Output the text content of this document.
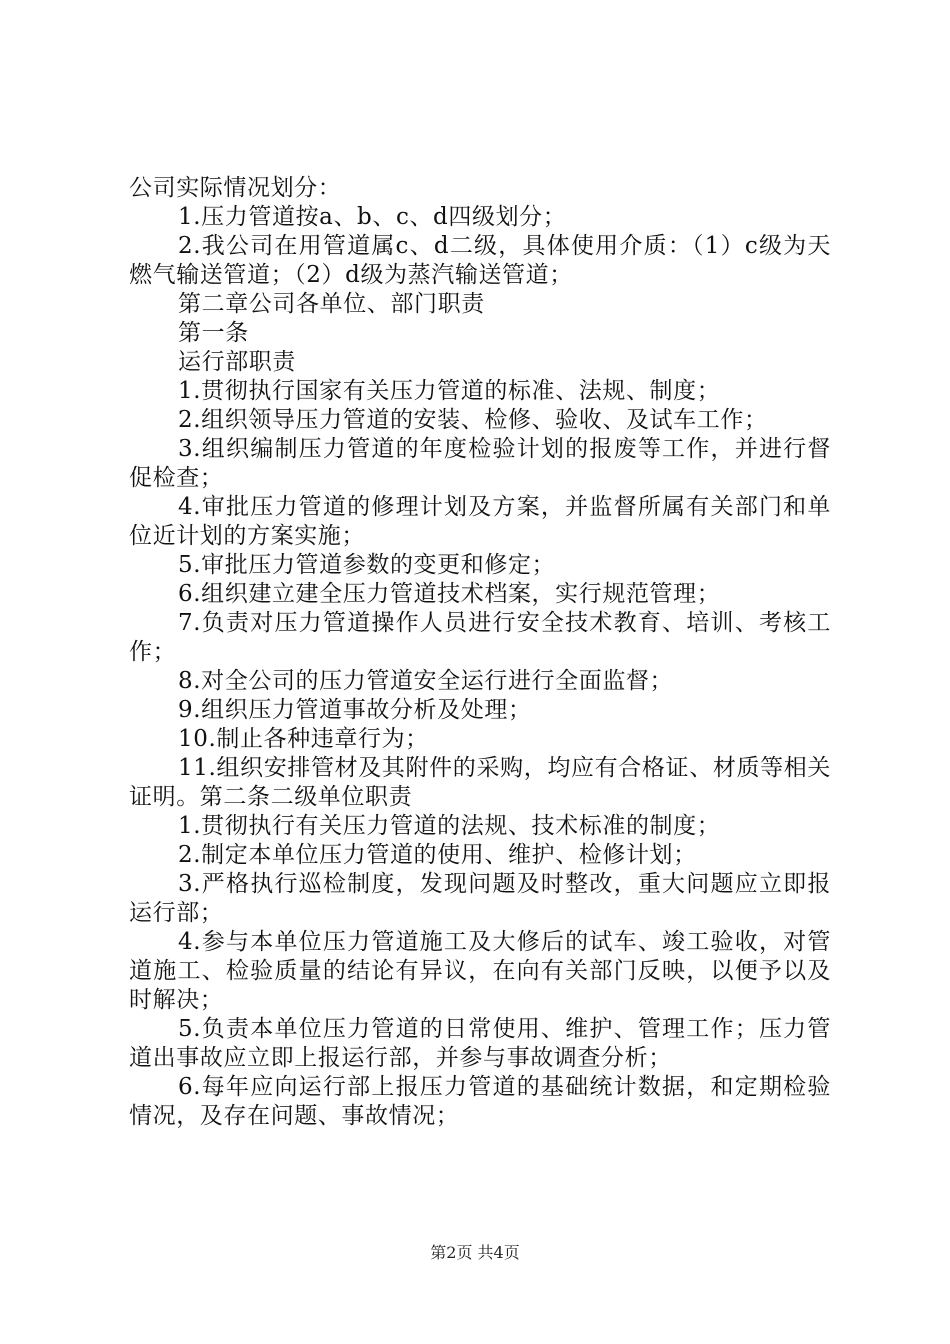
公司实际情况划分：

1.压力管道按a、b、c、d四级划分；

2.我公司在用管道属c、d二级，具体使用介质：（1）c级为天燃气输送管道；（2）d级为蒸汽输送管道；

第二章公司各单位、部门职责

第一条

运行部职责

1.贯彻执行国家有关压力管道的标准、法规、制度；

2.组织领导压力管道的安装、检修、验收、及试车工作；

3.组织编制压力管道的年度检验计划的报废等工作，并进行督促检查；

4.审批压力管道的修理计划及方案，并监督所属有关部门和单位近计划的方案实施；

5.审批压力管道参数的变更和修定；

6.组织建立建全压力管道技术档案，实行规范管理；

7.负责对压力管道操作人员进行安全技术教育、培训、考核工作；

8.对全公司的压力管道安全运行进行全面监督；

9.组织压力管道事故分析及处理；

10.制止各种违章行为；

11.组织安排管材及其附件的采购，均应有合格证、材质等相关证明。第二条二级单位职责

1.贯彻执行有关压力管道的法规、技术标准的制度；

2.制定本单位压力管道的使用、维护、检修计划；

3.严格执行巡检制度，发现问题及时整改，重大问题应立即报运行部；

4.参与本单位压力管道施工及大修后的试车、竣工验收，对管道施工、检验质量的结论有异议，在向有关部门反映，以便予以及时解决；

5.负责本单位压力管道的日常使用、维护、管理工作；压力管道出事故应立即上报运行部，并参与事故调查分析；

6.每年应向运行部上报压力管道的基础统计数据，和定期检验情况，及存在问题、事故情况；

第2页 共4页
